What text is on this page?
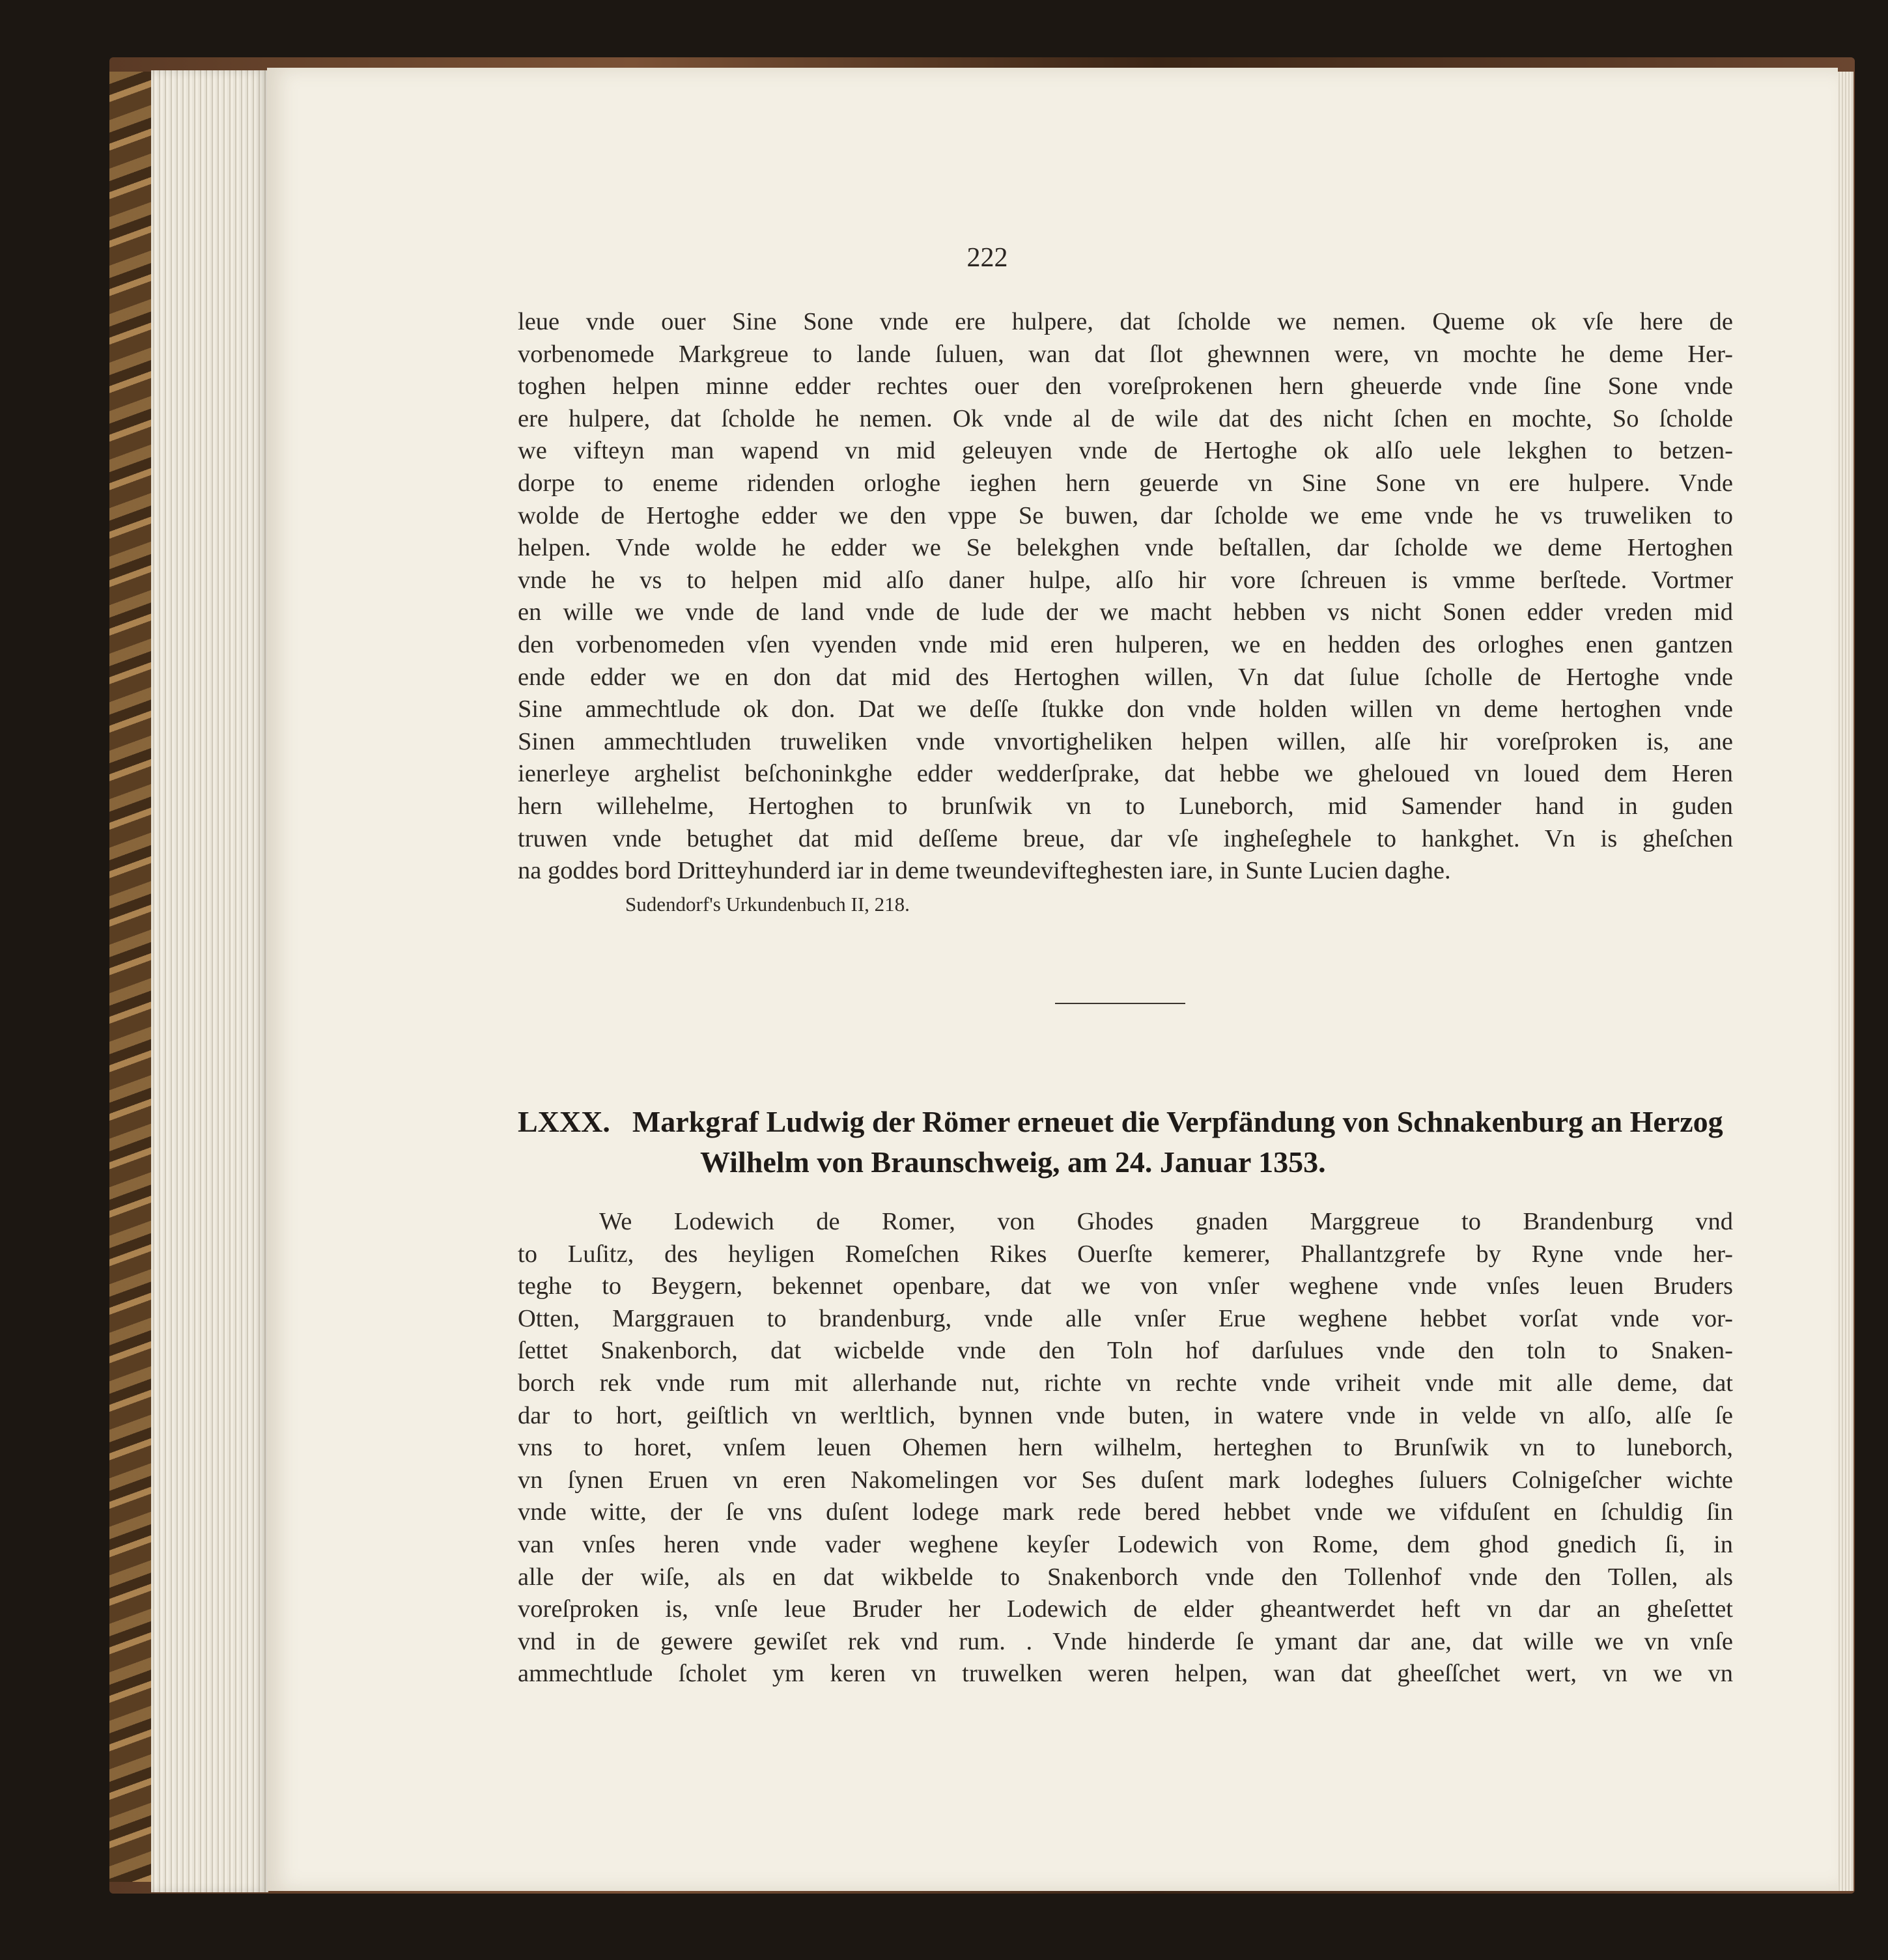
222
leue vnde ouer Sine Sone vnde ere hulpere, dat ſcholde we nemen. Queme ok vſe here de
vorbenomede Markgreue to lande ſuluen, wan dat ſlot ghewnnen were, vn mochte he deme Her-
toghen helpen minne edder rechtes ouer den voreſprokenen hern gheuerde vnde ſine Sone vnde
ere hulpere, dat ſcholde he nemen. Ok vnde al de wile dat des nicht ſchen en mochte, So ſcholde
we vifteyn man wapend vn mid geleuyen vnde de Hertoghe ok alſo uele lekghen to betzen-
dorpe to eneme ridenden orloghe ieghen hern geuerde vn Sine Sone vn ere hulpere. Vnde
wolde de Hertoghe edder we den vppe Se buwen, dar ſcholde we eme vnde he vs truweliken to
helpen. Vnde wolde he edder we Se belekghen vnde beſtallen, dar ſcholde we deme Hertoghen
vnde he vs to helpen mid alſo daner hulpe, alſo hir vore ſchreuen is vmme berſtede. Vortmer
en wille we vnde de land vnde de lude der we macht hebben vs nicht Sonen edder vreden mid
den vorbenomeden vſen vyenden vnde mid eren hulperen, we en hedden des orloghes enen gantzen
ende edder we en don dat mid des Hertoghen willen, Vn dat ſulue ſcholle de Hertoghe vnde
Sine ammechtlude ok don. Dat we deſſe ſtukke don vnde holden willen vn deme hertoghen vnde
Sinen ammechtluden truweliken vnde vnvortigheliken helpen willen, alſe hir voreſproken is, ane
ienerleye arghelist beſchoninkghe edder wedderſprake, dat hebbe we gheloued vn loued dem Heren
hern willehelme, Hertoghen to brunſwik vn to Luneborch, mid Samender hand in guden
truwen vnde betughet dat mid deſſeme breue, dar vſe ingheſeghele to hankghet. Vn is gheſchen
na goddes bord Dritteyhunderd iar in deme tweundevifteghesten iare, in Sunte Lucien daghe.
Sudendorf's Urkundenbuch II, 218.
LXXX. Markgraf Ludwig der Römer erneuet die Verpfändung von Schnakenburg an Herzog
Wilhelm von Braunschweig, am 24. Januar 1353.
We Lodewich de Romer, von Ghodes gnaden Marggreue to Brandenburg vnd
to Luſitz, des heyligen Romeſchen Rikes Ouerſte kemerer, Phallantzgrefe by Ryne vnde her-
teghe to Beygern, bekennet openbare, dat we von vnſer weghene vnde vnſes leuen Bruders
Otten, Marggrauen to brandenburg, vnde alle vnſer Erue weghene hebbet vorſat vnde vor-
ſettet Snakenborch, dat wicbelde vnde den Toln hof darſulues vnde den toln to Snaken-
borch rek vnde rum mit allerhande nut, richte vn rechte vnde vriheit vnde mit alle deme, dat
dar to hort, geiſtlich vn werltlich, bynnen vnde buten, in watere vnde in velde vn alſo, alſe ſe
vns to horet, vnſem leuen Ohemen hern wilhelm, herteghen to Brunſwik vn to luneborch,
vn ſynen Eruen vn eren Nakomelingen vor Ses duſent mark lodeghes ſuluers Colnigeſcher wichte
vnde witte, der ſe vns duſent lodege mark rede bered hebbet vnde we vifduſent en ſchuldig ſin
van vnſes heren vnde vader weghene keyſer Lodewich von Rome, dem ghod gnedich ſi, in
alle der wiſe, als en dat wikbelde to Snakenborch vnde den Tollenhof vnde den Tollen, als
voreſproken is, vnſe leue Bruder her Lodewich de elder gheantwerdet heft vn dar an gheſettet
vnd in de gewere gewiſet rek vnd rum. . Vnde hinderde ſe ymant dar ane, dat wille we vn vnſe
ammechtlude ſcholet ym keren vn truwelken weren helpen, wan dat gheeſſchet wert, vn we vn
